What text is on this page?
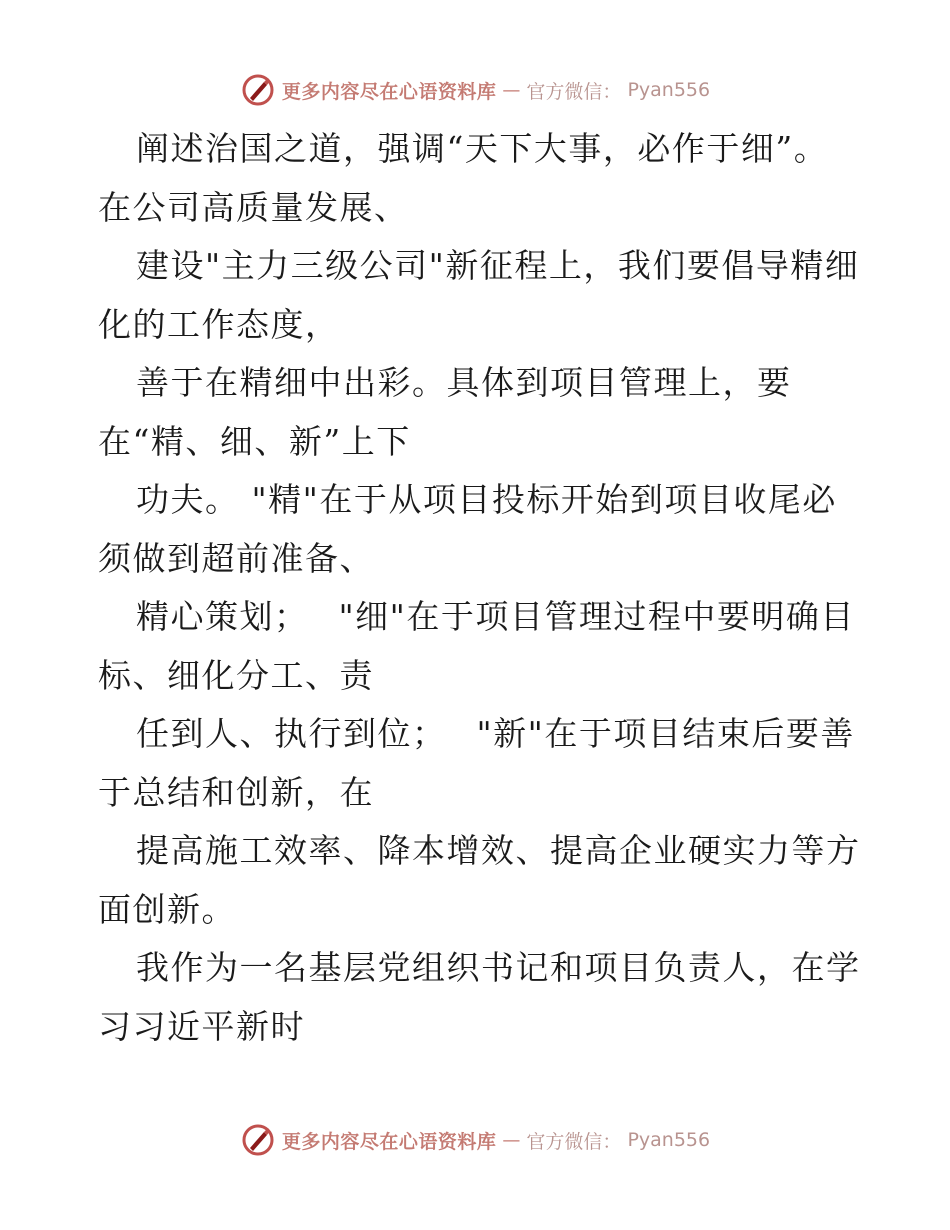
更多内容尽在心语资料库 — 官方微信： Pyan556
阐述治国之道，强调“天下大事，必作于细”。
在公司高质量发展、
建设"主力三级公司"新征程上，我们要倡导精细
化的工作态度，
善于在精细中出彩。具体到项目管理上，要
在“精、细、新”上下
功夫。 "精"在于从项目投标开始到项目收尾必
须做到超前准备、
精心策划；　 "细"在于项目管理过程中要明确目
标、细化分工、责
任到人、执行到位；　 "新"在于项目结束后要善
于总结和创新，在
提高施工效率、降本增效、提高企业硬实力等方
面创新。
我作为一名基层党组织书记和项目负责人，在学
习习近平新时
更多内容尽在心语资料库 — 官方微信： Pyan556
